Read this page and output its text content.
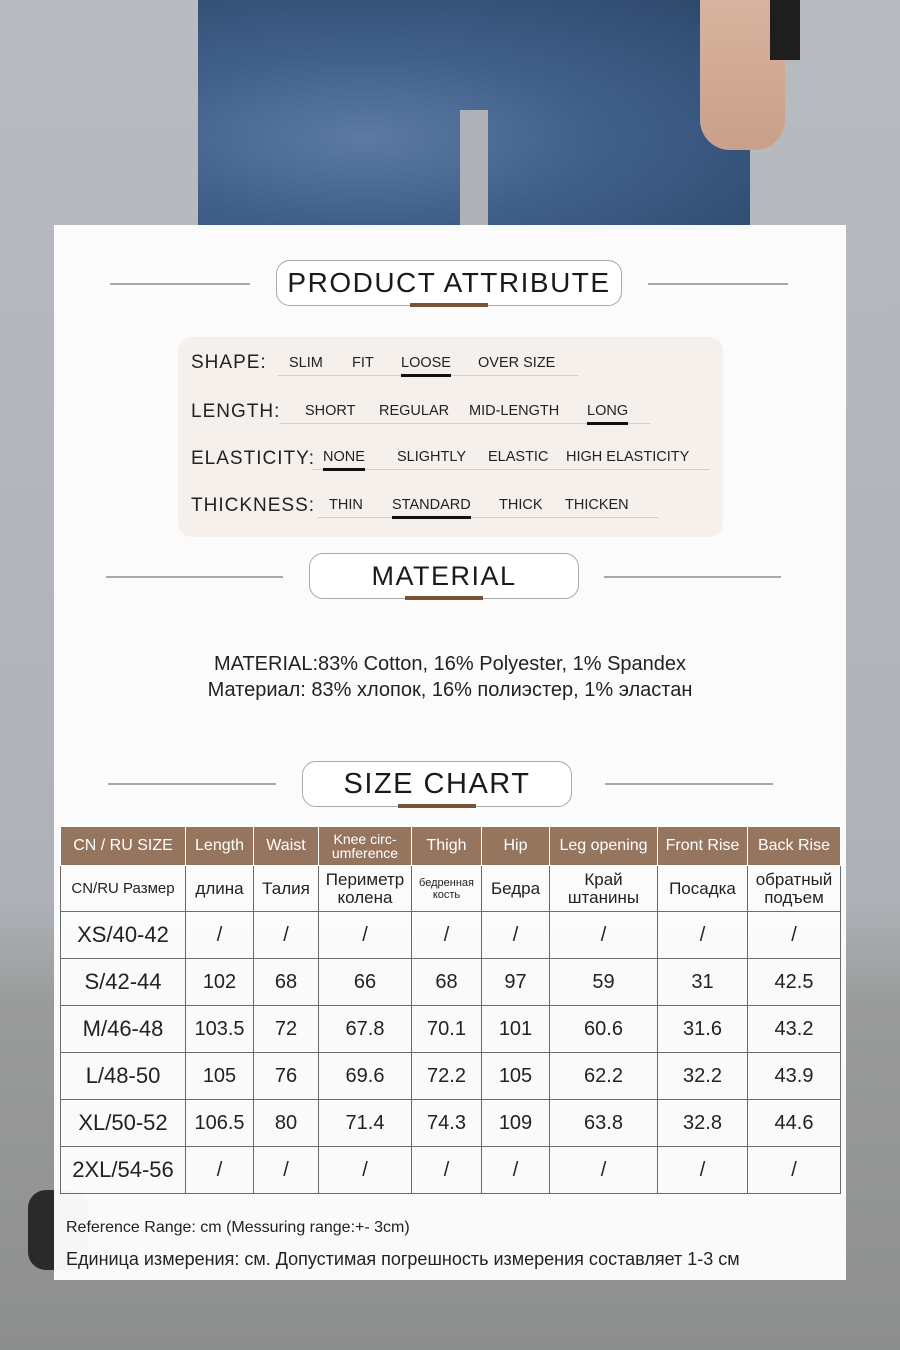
PRODUCT ATTRIBUTE
SHAPE: SLIM FIT LOOSE OVER SIZE
LENGTH: SHORT REGULAR MID-LENGTH LONG
ELASTICITY: NONE SLIGHTLY ELASTIC HIGH ELASTICITY
THICKNESS: THIN STANDARD THICK THICKEN
MATERIAL
MATERIAL:83% Cotton, 16% Polyester, 1% Spandex
Материал: 83% хлопок, 16% полиэстер, 1% эластан
SIZE CHART
CN / RU SIZE	Length	Waist	Knee circ-umference	Thigh	Hip	Leg opening	Front Rise	Back Rise
CN/RU Размер	длина	Талия	Периметр колена	бедренная кость	Бедра	Край штанины	Посадка	обратный подъем
XS/40-42	/	/	/	/	/	/	/	/
S/42-44	102	68	66	68	97	59	31	42.5
M/46-48	103.5	72	67.8	70.1	101	60.6	31.6	43.2
L/48-50	105	76	69.6	72.2	105	62.2	32.2	43.9
XL/50-52	106.5	80	71.4	74.3	109	63.8	32.8	44.6
2XL/54-56	/	/	/	/	/	/	/	/
Reference Range: cm (Messuring range:+- 3cm)
Единица измерения: см. Допустимая погрешность измерения составляет 1-3 см
